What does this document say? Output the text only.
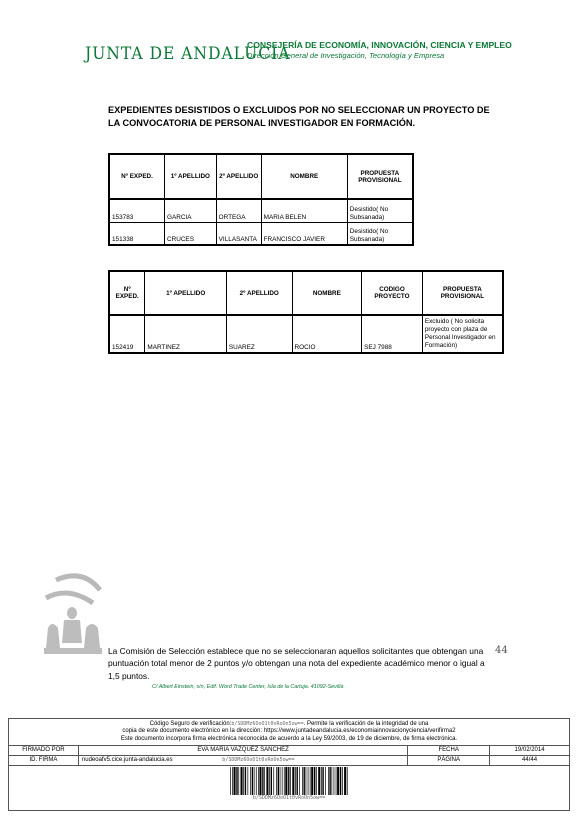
JUNTA DE ANDALUCIA
CONSEJERÍA DE ECONOMÍA, INNOVACIÓN, CIENCIA Y EMPLEO
Dirección General de Investigación, Tecnología y Empresa
EXPEDIENTES DESISTIDOS O EXCLUIDOS POR NO SELECCIONAR UN PROYECTO DE LA CONVOCATORIA DE PERSONAL INVESTIGADOR EN FORMACIÓN.
Nº EXPED.	1º APELLIDO	2º APELLIDO	NOMBRE	PROPUESTA PROVISIONAL
153783	GARCIA	ORTEGA	MARIA BELEN	Desistido( No Subsanada)
151338	CRUCES	VILLASANTA	FRANCISCO JAVIER	Desistido( No Subsanada)
Nº EXPED.	1º APELLIDO	2º APELLIDO	NOMBRE	CODIGO PROYECTO	PROPUESTA PROVISIONAL
152419	MARTINEZ	SUAREZ	ROCIO	SEJ 7988	Excluido ( No solicita proyecto con plaza de Personal Investigador en Formación)
La Comisión de Selección establece que no se seleccionaran aquellos solicitantes que obtengan una puntuación total menor de 2 puntos y/o obtengan una nota del expediente académico menor o igual a 1,5 puntos.
44
C/ Albert Einstein, s/n, Edif. Word Trade Center, Isla de la Cartuja. 41092-Sevilla
Código Seguro de verificación:b/SDDMz6OoO1t0vRoOn5ow==. Permite la verificación de la integridad de una
copia de este documento electrónico en la dirección: https://www.juntadeandalucia.es/economiainnovacionyciencia/verifirma2
Este documento incorpora firma electrónica reconocida de acuerdo a la Ley 59/2003, de 19 de diciembre, de firma electrónica.
FIRMADO POR	EVA MARIA VAZQUEZ SANCHEZ	FECHA	19/02/2014
ID. FIRMA	nudeoafv5.cice.junta-andalucia.es b/SDDMz6OoO1t0vRoOn5ow==	PÁGINA	44/44
b/SDDMz6OoO1t0vRoOn5ow==
